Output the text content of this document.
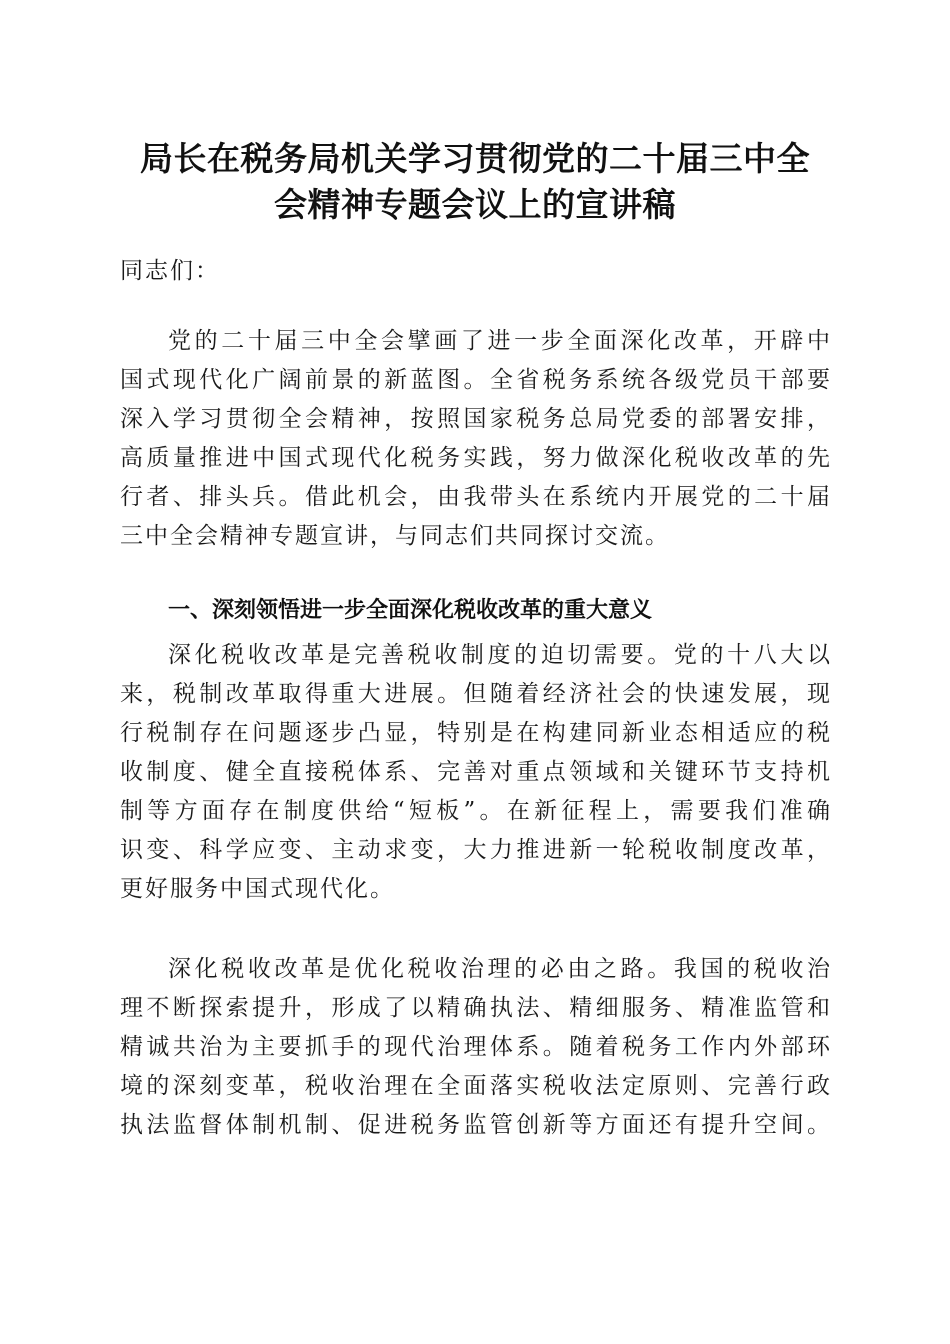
局长在税务局机关学习贯彻党的二十届三中全
会精神专题会议上的宣讲稿
同志们：
党的二十届三中全会擘画了进一步全面深化改革，开辟中
国式现代化广阔前景的新蓝图。全省税务系统各级党员干部要
深入学习贯彻全会精神，按照国家税务总局党委的部署安排，
高质量推进中国式现代化税务实践，努力做深化税收改革的先
行者、排头兵。借此机会，由我带头在系统内开展党的二十届
三中全会精神专题宣讲，与同志们共同探讨交流。
一、深刻领悟进一步全面深化税收改革的重大意义
深化税收改革是完善税收制度的迫切需要。党的十八大以
来，税制改革取得重大进展。但随着经济社会的快速发展，现
行税制存在问题逐步凸显，特别是在构建同新业态相适应的税
收制度、健全直接税体系、完善对重点领域和关键环节支持机
制等方面存在制度供给“短板”。在新征程上，需要我们准确
识变、科学应变、主动求变，大力推进新一轮税收制度改革，
更好服务中国式现代化。
深化税收改革是优化税收治理的必由之路。我国的税收治
理不断探索提升，形成了以精确执法、精细服务、精准监管和
精诚共治为主要抓手的现代治理体系。随着税务工作内外部环
境的深刻变革，税收治理在全面落实税收法定原则、完善行政
执法监督体制机制、促进税务监管创新等方面还有提升空间。
